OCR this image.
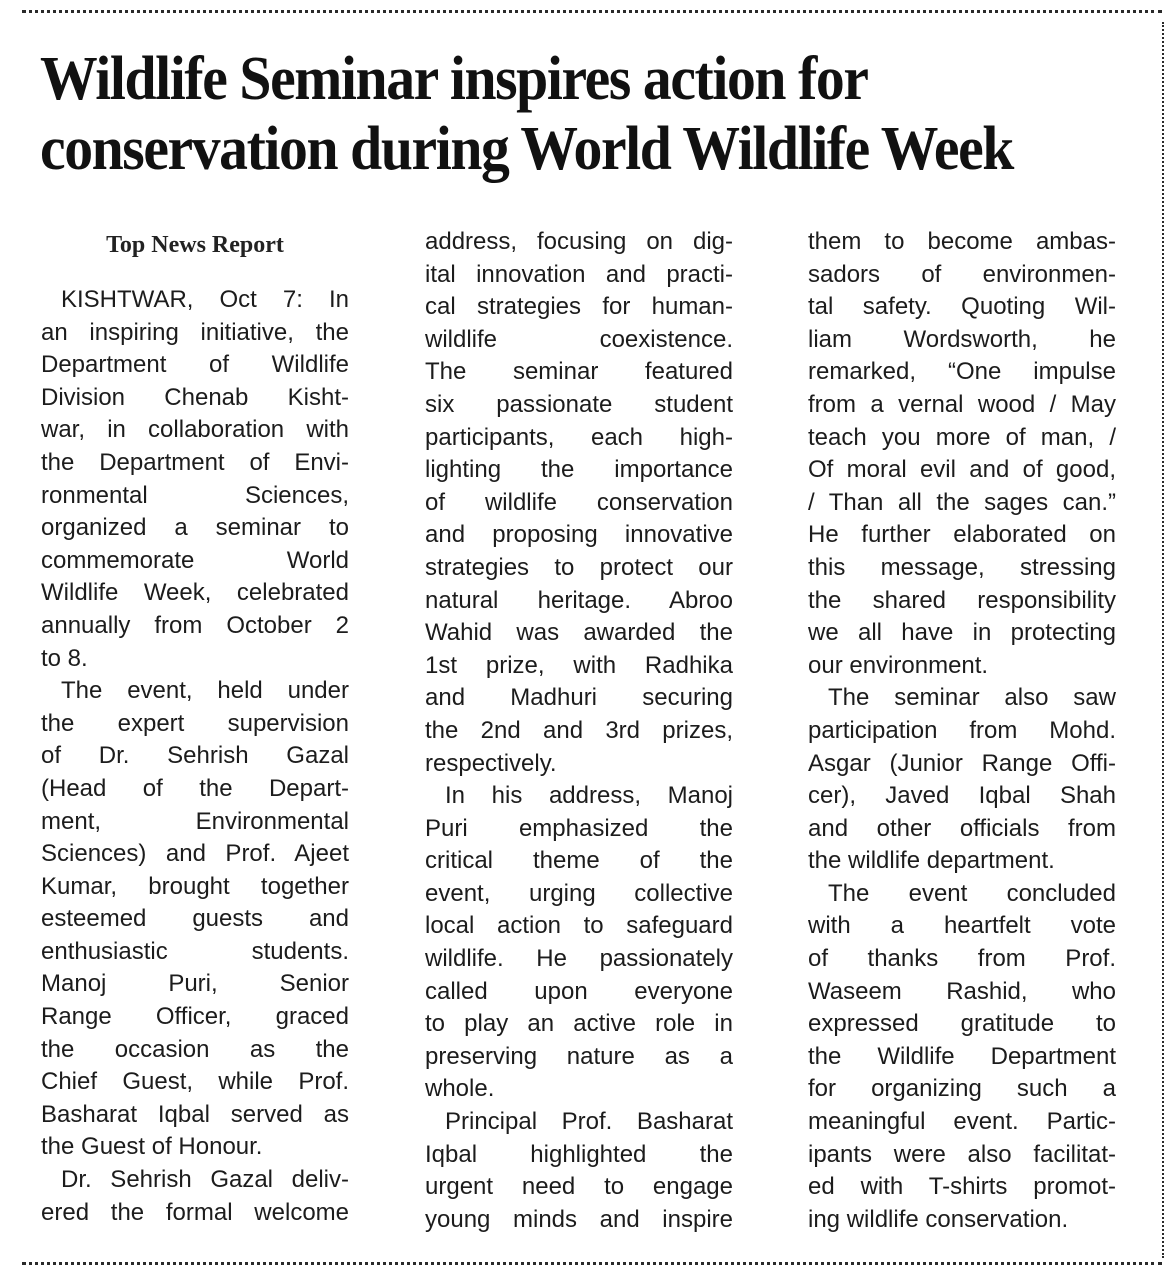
Wildlife Seminar inspires action for
conservation during World Wildlife Week
Top News Report

KISHTWAR, Oct 7: In
an inspiring initiative, the
Department of Wildlife
Division Chenab Kisht-
war, in collaboration with
the Department of Envi-
ronmental Sciences,
organized a seminar to
commemorate World
Wildlife Week, celebrated
annually from October 2
to 8.

The event, held under
the expert supervision
of Dr. Sehrish Gazal
(Head of the Depart-
ment, Environmental
Sciences) and Prof. Ajeet
Kumar, brought together
esteemed guests and
enthusiastic students.
Manoj Puri, Senior
Range Officer, graced
the occasion as the
Chief Guest, while Prof.
Basharat Iqbal served as
the Guest of Honour.

Dr. Sehrish Gazal deliv-
ered the formal welcome

address, focusing on dig-
ital innovation and practi-
cal strategies for human-
wildlife coexistence.
The seminar featured
six passionate student
participants, each high-
lighting the importance
of wildlife conservation
and proposing innovative
strategies to protect our
natural heritage. Abroo
Wahid was awarded the
1st prize, with Radhika
and Madhuri securing
the 2nd and 3rd prizes,
respectively.

In his address, Manoj
Puri emphasized the
critical theme of the
event, urging collective
local action to safeguard
wildlife. He passionately
called upon everyone
to play an active role in
preserving nature as a
whole.

Principal Prof. Basharat
Iqbal highlighted the
urgent need to engage
young minds and inspire

them to become ambas-
sadors of environmen-
tal safety. Quoting Wil-
liam Wordsworth, he
remarked, “One impulse
from a vernal wood / May
teach you more of man, /
Of moral evil and of good,
/ Than all the sages can.”
He further elaborated on
this message, stressing
the shared responsibility
we all have in protecting
our environment.

The seminar also saw
participation from Mohd.
Asgar (Junior Range Offi-
cer), Javed Iqbal Shah
and other officials from
the wildlife department.

The event concluded
with a heartfelt vote
of thanks from Prof.
Waseem Rashid, who
expressed gratitude to
the Wildlife Department
for organizing such a
meaningful event. Partic-
ipants were also facilitat-
ed with T-shirts promot-
ing wildlife conservation.
